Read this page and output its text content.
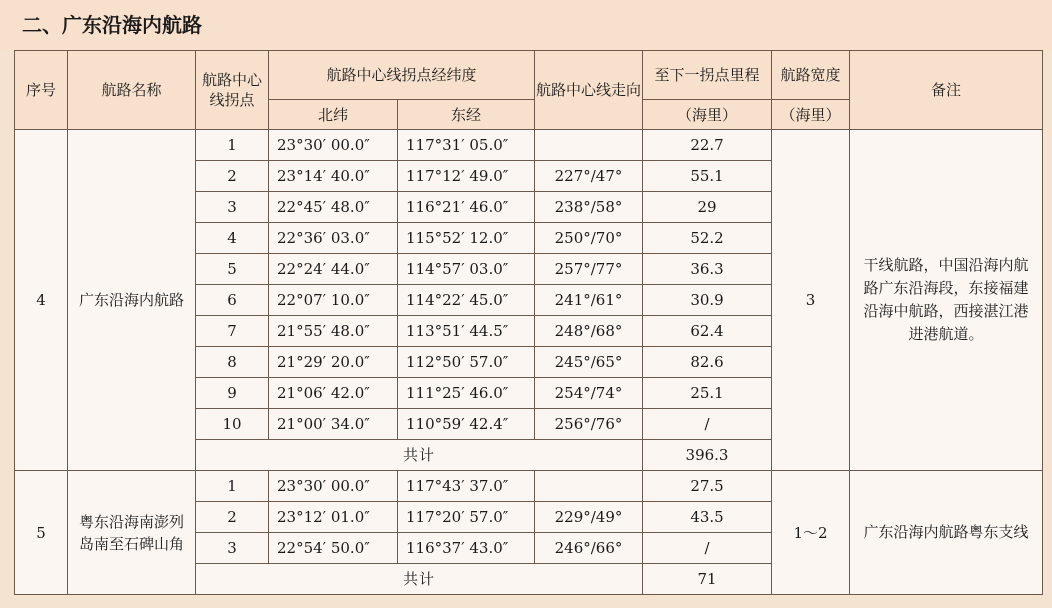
二、广东沿海内航路
序号	航路名称	航路中心线拐点	航路中心线拐点经纬度		航路中心线走向	至下一拐点里程	航路宽度	备注
			北纬	东经		（海里）	（海里）	
4	广东沿海内航路	1	23°30′ 00.0″	117°31′ 05.0″		22.7	3	干线航路，中国沿海内航路广东沿海段，东接福建沿海中航路，西接湛江港进港航道。
		2	23°14′ 40.0″	117°12′ 49.0″	227°/47°	55.1		
		3	22°45′ 48.0″	116°21′ 46.0″	238°/58°	29		
		4	22°36′ 03.0″	115°52′ 12.0″	250°/70°	52.2		
		5	22°24′ 44.0″	114°57′ 03.0″	257°/77°	36.3		
		6	22°07′ 10.0″	114°22′ 45.0″	241°/61°	30.9		
		7	21°55′ 48.0″	113°51′ 44.5″	248°/68°	62.4		
		8	21°29′ 20.0″	112°50′ 57.0″	245°/65°	82.6		
		9	21°06′ 42.0″	111°25′ 46.0″	254°/74°	25.1		
		10	21°00′ 34.0″	110°59′ 42.4″	256°/76°	/		
		共计				396.3		
5	粤东沿海南澎列岛南至石碑山角	1	23°30′ 00.0″	117°43′ 37.0″		27.5	1～2	广东沿海内航路粤东支线
		2	23°12′ 01.0″	117°20′ 57.0″	229°/49°	43.5		
		3	22°54′ 50.0″	116°37′ 43.0″	246°/66°	/		
		共计				71		
